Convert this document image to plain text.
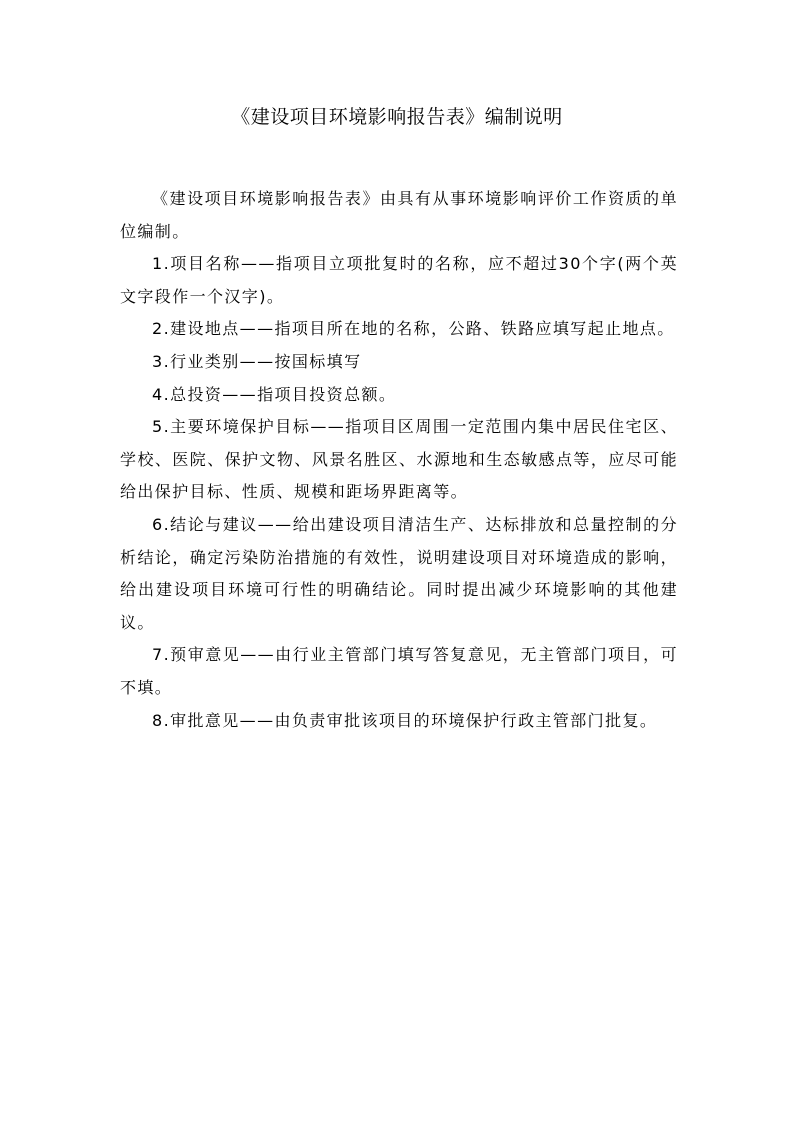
《建设项目环境影响报告表》编制说明

《建设项目环境影响报告表》由具有从事环境影响评价工作资质的单位编制。

1.项目名称——指项目立项批复时的名称，应不超过30个字(两个英文字段作一个汉字)。

2.建设地点——指项目所在地的名称，公路、铁路应填写起止地点。

3.行业类别——按国标填写

4.总投资——指项目投资总额。

5.主要环境保护目标——指项目区周围一定范围内集中居民住宅区、学校、医院、保护文物、风景名胜区、水源地和生态敏感点等，应尽可能给出保护目标、性质、规模和距场界距离等。

6.结论与建议——给出建设项目清洁生产、达标排放和总量控制的分析结论，确定污染防治措施的有效性，说明建设项目对环境造成的影响，给出建设项目环境可行性的明确结论。同时提出减少环境影响的其他建议。

7.预审意见——由行业主管部门填写答复意见，无主管部门项目，可不填。

8.审批意见——由负责审批该项目的环境保护行政主管部门批复。
